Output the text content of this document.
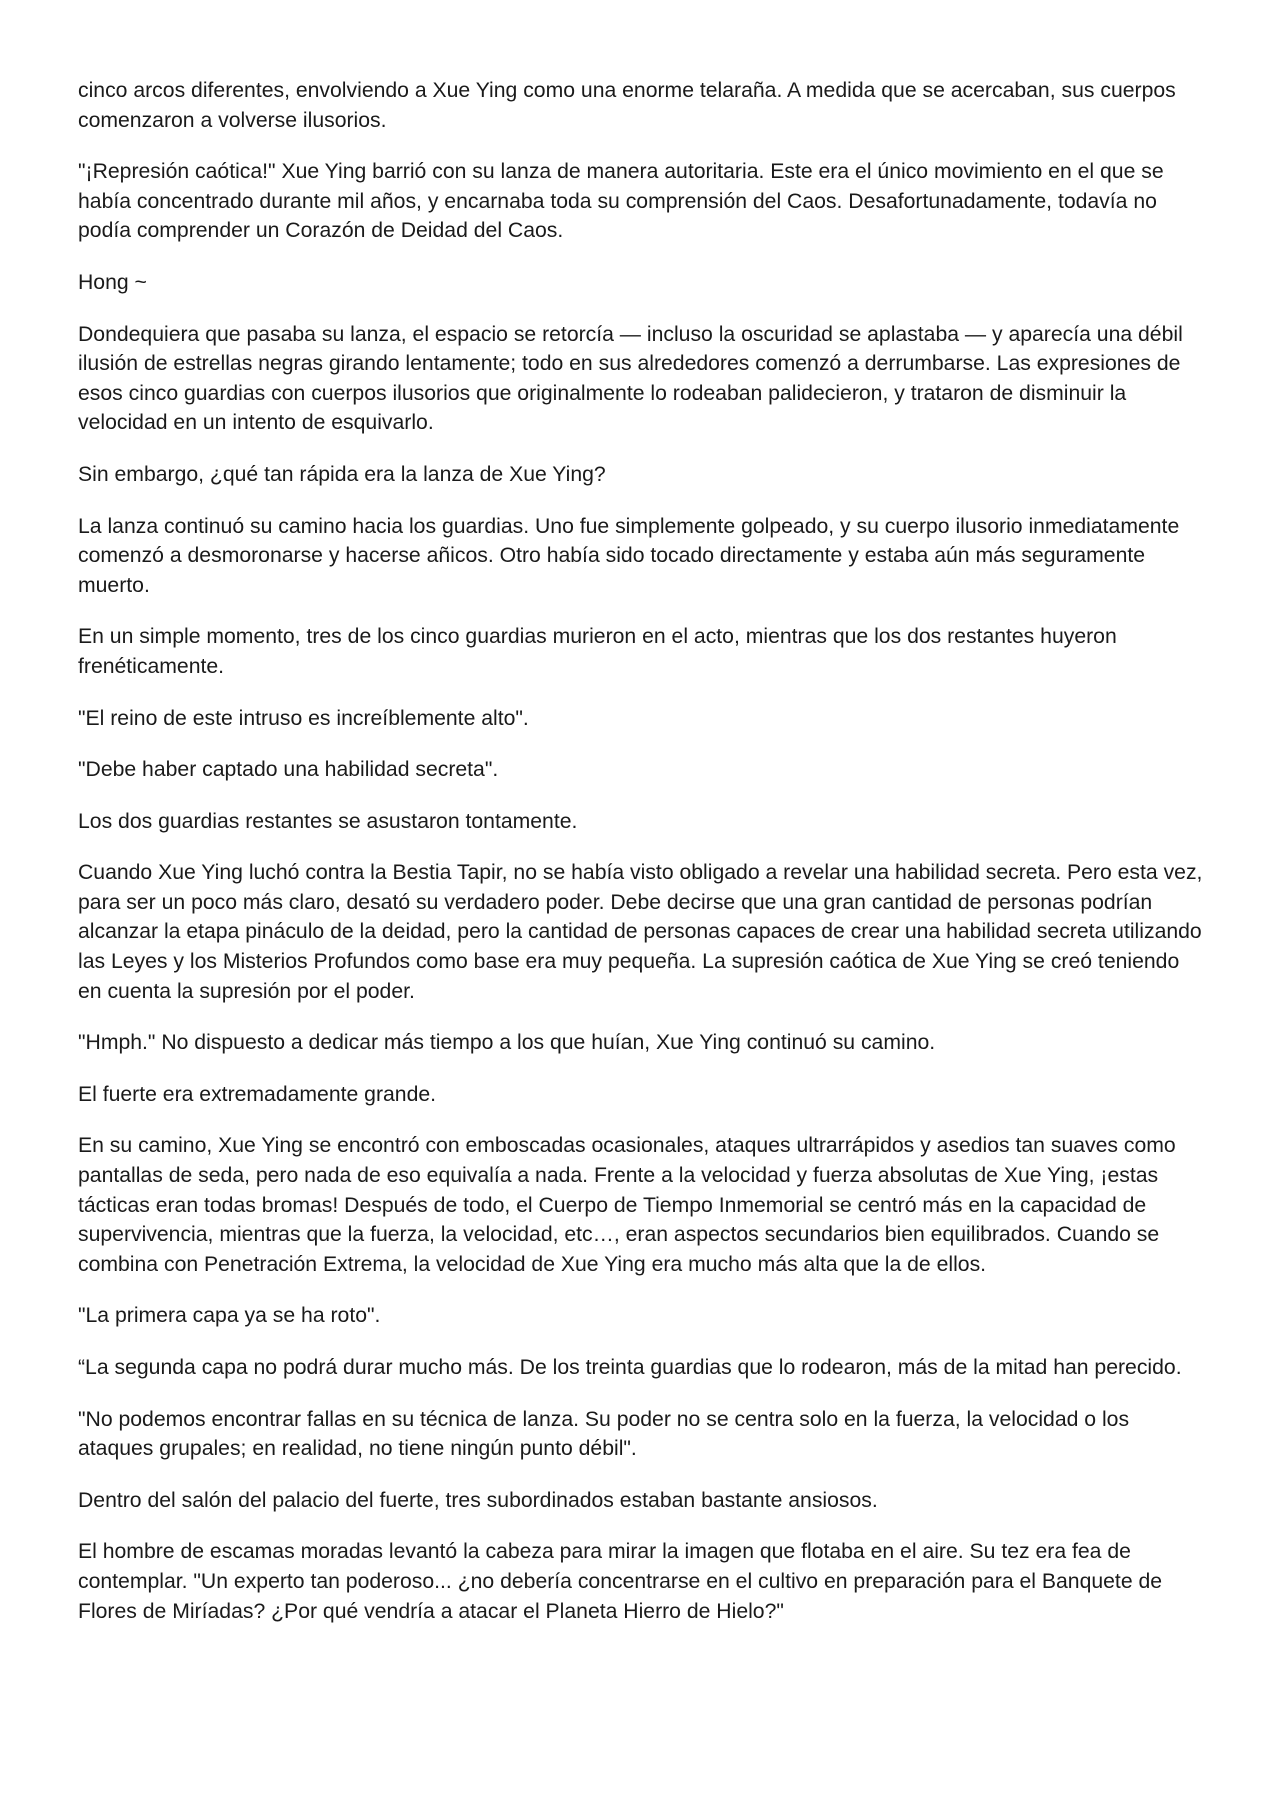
cinco arcos diferentes, envolviendo a Xue Ying como una enorme telaraña. A medida que se acercaban, sus cuerpos comenzaron a volverse ilusorios.

"¡Represión caótica!" Xue Ying barrió con su lanza de manera autoritaria. Este era el único movimiento en el que se había concentrado durante mil años, y encarnaba toda su comprensión del Caos. Desafortunadamente, todavía no podía comprender un Corazón de Deidad del Caos.

Hong ~

Dondequiera que pasaba su lanza, el espacio se retorcía — incluso la oscuridad se aplastaba — y aparecía una débil ilusión de estrellas negras girando lentamente; todo en sus alrededores comenzó a derrumbarse. Las expresiones de esos cinco guardias con cuerpos ilusorios que originalmente lo rodeaban palidecieron, y trataron de disminuir la velocidad en un intento de esquivarlo.

Sin embargo, ¿qué tan rápida era la lanza de Xue Ying?

La lanza continuó su camino hacia los guardias. Uno fue simplemente golpeado, y su cuerpo ilusorio inmediatamente comenzó a desmoronarse y hacerse añicos. Otro había sido tocado directamente y estaba aún más seguramente muerto.

En un simple momento, tres de los cinco guardias murieron en el acto, mientras que los dos restantes huyeron frenéticamente.

"El reino de este intruso es increíblemente alto".

"Debe haber captado una habilidad secreta".

Los dos guardias restantes se asustaron tontamente.

Cuando Xue Ying luchó contra la Bestia Tapir, no se había visto obligado a revelar una habilidad secreta. Pero esta vez, para ser un poco más claro, desató su verdadero poder. Debe decirse que una gran cantidad de personas podrían alcanzar la etapa pináculo de la deidad, pero la cantidad de personas capaces de crear una habilidad secreta utilizando las Leyes y los Misterios Profundos como base era muy pequeña. La supresión caótica de Xue Ying se creó teniendo en cuenta la supresión por el poder.

"Hmph." No dispuesto a dedicar más tiempo a los que huían, Xue Ying continuó su camino.

El fuerte era extremadamente grande.

En su camino, Xue Ying se encontró con emboscadas ocasionales, ataques ultrarrápidos y asedios tan suaves como pantallas de seda, pero nada de eso equivalía a nada. Frente a la velocidad y fuerza absolutas de Xue Ying, ¡estas tácticas eran todas bromas! Después de todo, el Cuerpo de Tiempo Inmemorial se centró más en la capacidad de supervivencia, mientras que la fuerza, la velocidad, etc…, eran aspectos secundarios bien equilibrados. Cuando se combina con Penetración Extrema, la velocidad de Xue Ying era mucho más alta que la de ellos.

"La primera capa ya se ha roto".

“La segunda capa no podrá durar mucho más. De los treinta guardias que lo rodearon, más de la mitad han perecido.

"No podemos encontrar fallas en su técnica de lanza. Su poder no se centra solo en la fuerza, la velocidad o los ataques grupales; en realidad, no tiene ningún punto débil".

Dentro del salón del palacio del fuerte, tres subordinados estaban bastante ansiosos.

El hombre de escamas moradas levantó la cabeza para mirar la imagen que flotaba en el aire. Su tez era fea de contemplar. "Un experto tan poderoso... ¿no debería concentrarse en el cultivo en preparación para el Banquete de Flores de Miríadas? ¿Por qué vendría a atacar el Planeta Hierro de Hielo?"
